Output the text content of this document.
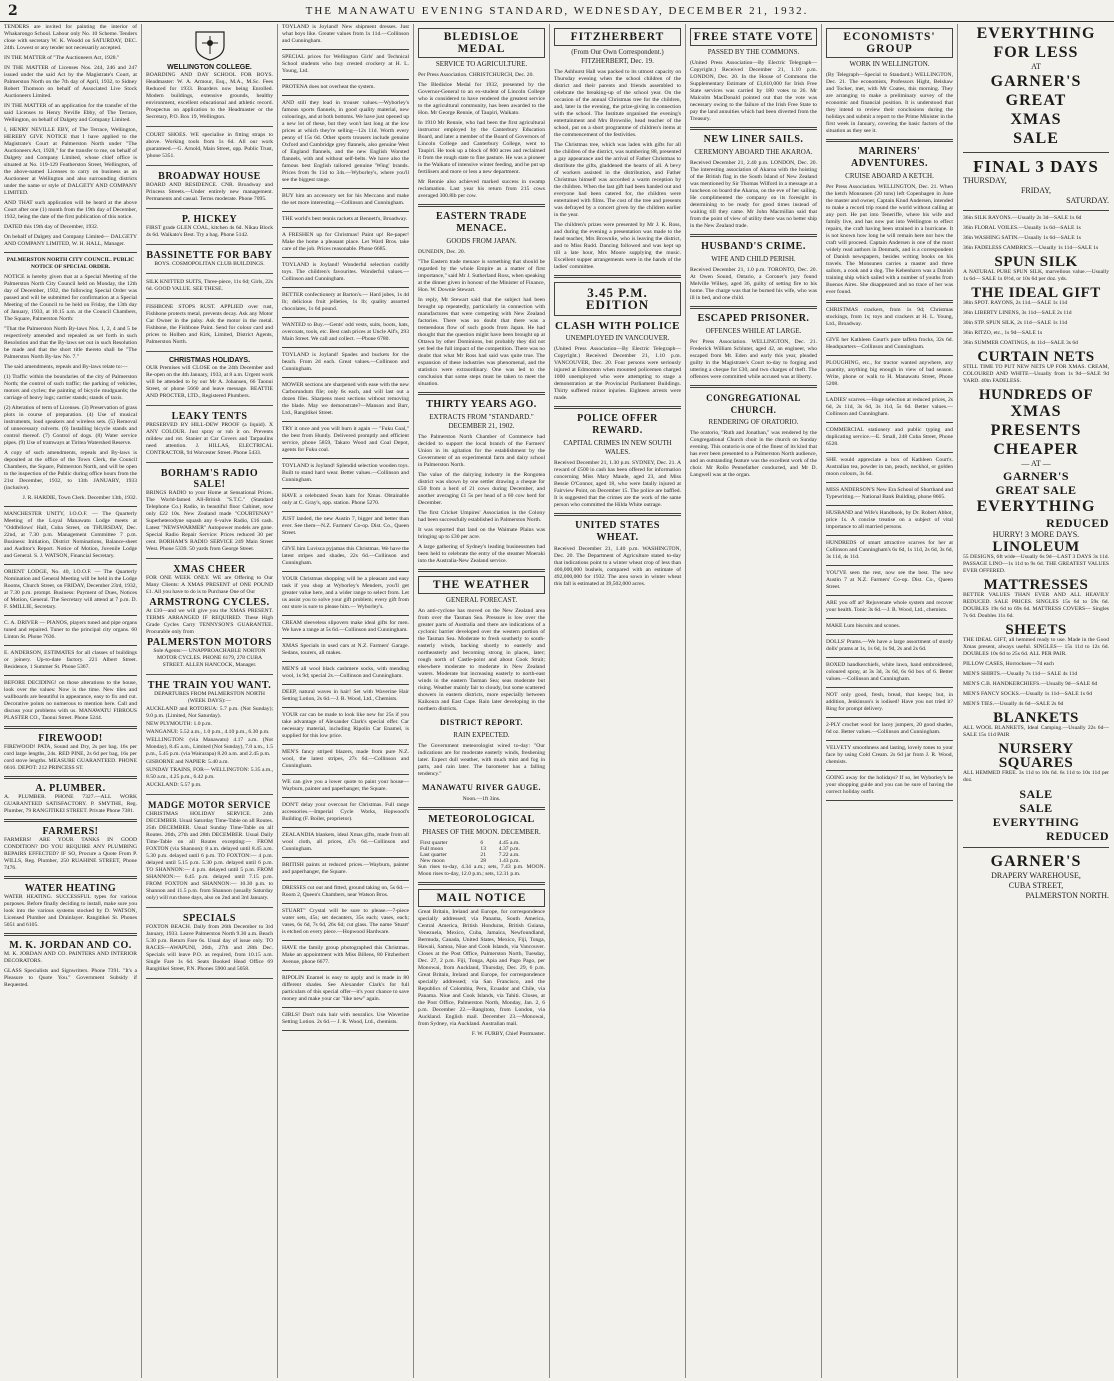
2	THE MANAWATU EVENING STANDARD, WEDNESDAY, DECEMBER 21, 1932.

TENDERS are invited for painting the interior of Whakarongo School. Labour only No. 10 Scheme. Tenders close with secretary W. K. Woodd on SATURDAY, DEC. 24th. Lowest or any tender not necessarily accepted.

IN THE MATTER of "The Auctioneers Act, 1928."

IN THE MATTER of Licenses Nos. 244, 246 and 247 issued under the said Act by the Magistrate's Court, at Palmerston North on the 7th day of April, 1932, to Sidney Robert Thomson on behalf of Associated Live Stock Auctioneers Limited.

IN THE MATTER of an application for the transfer of the said Licenses to Henry Neville Ebby, of The Terrace, Wellington, on behalf of Dalgety and Company Limited.

I, HENRY NEVILLE EBY, of The Terrace, Wellington, HEREBY GIVE NOTICE that I have applied to the Magistrate's Court at Palmerston North under "The Auctioneers Act, 1928," for the transfer to me, on behalf of Dalgety and Company Limited, whose chief office is situated at No. 119-129 Featherston Street, Wellington, of the above-named Licenses to carry on business as an Auctioneer at Wellington and also surrounding districts under the name or style of DALGETY AND COMPANY LIMITED.

AND THAT such application will be heard at the above Court after one (1) month from the 19th day of December, 1932, being the date of the first publication of this notice.

DATED this 19th day of December, 1932.

On behalf of Dalgety and Company Limited— DALGETY AND COMPANY LIMITED, W. H. HALL, Manager.

PALMERSTON NORTH CITY COUNCIL. PUBLIC NOTICE OF SPECIAL ORDER.

NOTICE is hereby given that at a Special Meeting of the Palmerston North City Council held on Monday, the 12th day of December, 1932, the following Special Order was passed and will be submitted for confirmation at a Special Meeting of the Council to be held on Friday, the 13th day of January, 1933, at 10.15 a.m. at the Council Chambers, The Square, Palmerston North:

"That the Palmerston North By-laws Nos. 1, 2, 4 and 5 be respectively amended and repealed as set forth in such Resolution and that the By-laws set out in such Resolution be made and that the short title thereto shall be "The Palmerston North By-law No. 7."

The said amendments, repeals and By-laws relate to:—

(1) Traffic within the boundaries of the city of Palmerston North; the control of such traffic; the parking of vehicles, motors and cycles; the painting of bicycle mudguards; the carriage of heavy logs; carrier stands; stands of taxis.

(2) Alteration of term of Licenses. (3) Preservation of grass plots in course of preparation. (4) Use of musical instruments, loud speakers and wireless sets. (5) Removal of unnecessary culverts. (6) Installing bicycle stands and control thereof. (7) Control of dogs. (8) Water service pipes. (9) Use of tramways at Tiritea Watershed Reserve.

A copy of such amendments, repeals and By-laws is deposited at the office of the Town Clerk, the Council Chambers, the Square, Palmerston North, and will be open to the inspection of the Public during office hours from the 21st December, 1932, to 13th JANUARY, 1933 (inclusive).

J. R. HARDIE, Town Clerk. December 13th, 1932.

MANCHESTER UNITY, I.O.O.F. — The Quarterly Meeting of the Loyal Manawatu Lodge meets at "Oddfellows' Hall, Cuba Street, on THURSDAY, Dec. 22nd, at 7.30 p.m. Management Committee 7 p.m. Business: Initiation, District Nominations, Balance-sheet and Auditor's Report. Notice of Motion, Juvenile Lodge and General. S. J. WATSON, Financial Secretary.

ORIENT LODGE, No. 40, I.O.O.F. — The Quarterly Nomination and General Meeting will be held in the Lodge Rooms, Church Street, on FRIDAY, December 23rd, 1932, at 7.30 p.m. prompt. Business: Payment of Dues, Notices of Motion, General. The Secretary will attend at 7 p.m. D. F. SMILLIE, Secretary.

C. A. DRIVER — PIANOS, players tuned and pipe organs tuned and repaired. Tuner to the principal city organs. 60 Linton St. Phone 7636.

E. ANDERSON, ESTIMATES for all classes of buildings or joinery. Up-to-date factory. 221 Albert Street. Residence, 1 Summer St. Phone 5367.

BEFORE DECIDING! on those alterations to the house, look over the values: Now is the time. New tiles and wallboards are beautiful in appearance, easy to fix and cut. Decorative points no numerous to mention here. Call and discuss your problems with us. MANAWATU FIBROUS PLASTER CO., Taonui Street. Phone 5244.

FIREWOOD!

FIREWOOD! PATA, Sound and Dry, 2s per bag. 16s per cord large lengths, 24s. RED PINE, 2s 6d per bag, 16s per cord stove lengths. MEASURE GUARANTEED. PHONE 6616. DEPOT: 212 PRINCESS ST.

A. PLUMBER.

A. PLUMBER. PHONE 7327.—ALL WORK GUARANTEED SATISFACTORY. P. SMYTHE, Reg. Plumber, 79 RANGITIKEI STREET. Private Phone 7381.

FARMERS!

FARMERS! ARE YOUR TANKS IN GOOD CONDITION? DO YOU REQUIRE ANY PLUMBING REPAIRS EFFECTED? IF SO, Procure a Quote From P. WILLS, Reg. Plumber, 250 RUAHINE STREET, Phone 7476.

WATER HEATING

WATER HEATING. SUCCESSFUL types for various purposes. Before finally deciding to install, make sure you look into the various systems stocked by D. WATSON, Licensed Plumber and Drainlayer. Rangitikei St. Phones 5051 and 6105.

M. K. JORDAN AND CO.

M. K. JORDAN AND CO. PAINTERS AND INTERIOR DECORATORS.

GLASS Specialists and Signwriters. Phone 7391. "It's a Pleasure to Quote You." Government Subsidy if Requested.

WELLINGTON COLLEGE.

BOARDING AND DAY SCHOOL FOR BOYS. Headmaster: W. A. Armour, Esq., M.A., M.Sc. Fees Reduced for 1933. Boarders now being Enrolled. Modern buildings, extensive grounds, healthy environment, excellent educational and athletic record. Prospectus on application to the Headmaster or the Secretary, P.O. Box 19, Wellington.

COURT SHOES. WE specialise in fitting straps to above. Working tools from 1s 6d. All our work guaranteed.—G. Arnold, Main Street, opp. Public Trust, 'phone 5351.

BROADWAY HOUSE

BOARD AND RESIDENCE. CNR. Broadway and Princess Streets.—Under entirely new management. Permanents and casual. Terms moderate. Phone 7095.

P. HICKEY

FIRST grade GLEN COAL, kitchen 4s 6d. Nikau Block 4s 6d. Waikato's Best. Try a bag. Phone 5142.

BASSINETTE FOR BABY

BOYS. COSMOPOLITAN CLUB BUILDINGS.

SILK KNITTED SUITS, Three-piece, 11s 6d; Girls, 22s 6d. GOOD VALUE. SEE THESE.

FISHBONE STOPS RUST. APPLIED over rust, Fishbone protects metal, prevents decay. Ask any Motor Car Owner in the palsy. Ask the motor in the metal. Fishbone, the Fishbone Paint. Send for colour card and prices to Holben and Kirk, Limited, District Agents, Palmerston North.

CHRISTMAS HOLIDAYS.

OUR Premises will CLOSE on the 24th December and Re-open on the 4th January, 1933, at 8 a.m. Urgent work will be attended to by our Mr A. Johansen, 66 Taonui Street, or phone 5660 and leave message. BEATTIE AND PROCTER, LTD., Registered Plumbers.

LEAKY TENTS

PRESERVED BY HILL-DEW PROOF (a liquid). X ANY COLOUR. Just spray or rub it on. Prevents mildew and rot. Stanier at Car Covers and Tarpaulins need attention. J. HILLAS, ELECTRICAL CONTRACTOR, 94 Worcester Street. Phone 5433.

BORHAM'S RADIO SALE!

BRINGS RADIO to your Home at Sensational Prices. The World-famed All-British "S.T.C." (Standard Telephone Co.) Radio, in beautiful floor Cabinet, now only £22 10s. New Zealand made "COURTENAY" Superheterodyne squash any 6-valve Radio, £16 cash. Latest "NEWSWARMER" Autopower models are gone. Special Radio Repair Service: Prices reduced 30 per cent. BORHAM'S RADIO SERVICE 249 Main Street West. Phone 5339. 50 yards from George Street.

XMAS CHEER

FOR ONE WEEK ONLY. WE are Offering to Our Many Clients: A XMAS PRESENT of ONE POUND £1. All you have to do is to Purchase One of Our

ARMSTRONG CYCLES.

At £10—and we will give you the XMAS PRESENT. TERMS ARRANGED IF REQUIRED. These High Grade Cycles Carry TENNYSON'S GUARANTEE. Procurable only from

PALMERSTON MOTORS

Sole Agents:— UNAPPROACHABLE NORTON MOTOR CYCLES. PHONE 6179, 278 CUBA STREET. ALLEN HANCOCK, Manager.

THE TRAIN YOU WANT.

DEPARTURES FROM PALMERSTON NORTH (WEEK DAYS):—

AUCKLAND and ROTORUA: 5.7 p.m. (Not Sunday); 9.0 p.m. (Limited, Not Saturday).

NEW PLYMOUTH: 1.0 p.m.

WANGANUI: 5.52 a.m., 1.0 p.m., 4.10 p.m., 6.30 p.m.

WELLINGTON: (via Manawatu) 4.17 a.m. (Not Monday), 8.45 a.m., Limited (Not Sunday), 7.0 a.m., 1.5 p.m., 5.45 p.m. (via Wairarapa) 8.20 a.m. and 2.45 p.m.

GISBORNE and NAPIER: 5.40 a.m.

SUNDAY TRAINS, FOR— WELLINGTON: 5.35 a.m., 8.50 a.m., 4.25 p.m., 6.42 p.m.

AUCKLAND: 5.57 p.m.

MADGE MOTOR SERVICE

CHRISTMAS HOLIDAY SERVICE. 24th DECEMBER. Usual Saturday Time-Table on all Routes. 25th DECEMBER. Usual Sunday Time-Table on all Routes. 26th, 27th and 28th DECEMBER. Usual Daily Time-Table on all Routes excepting:— FROM FOXTON (via Shannon): 8 a.m. delayed until 8.45 a.m. 5.30 p.m. delayed until 6 p.m. TO FOXTON:— 4 p.m. delayed until 5.15 p.m. 5.30 p.m. delayed until 6 p.m. TO SHANNON:— 4 p.m. delayed until 5 p.m. FROM SHANNON:— 6.45 p.m. delayed until 7.15 p.m. FROM FOXTON and SHANNON:— 10.30 p.m. to Shannon and 11.5 p.m. from Shannon (usually Saturday only) will run those days, also on 2nd and 3rd January.

SPECIALS

FOXTON BEACH. Daily from 26th December to 3rd January, 1933. Leave Palmerston North 9.30 a.m. Beach 5.30 p.m. Return Fare 6s. Usual day of issue only. TO RACES—AWAPUNI, 26th, 27th and 28th Dec. Specials will leave P.O. as required, from 10.15 a.m. Single Fare 1s 6d. Seats Booked Head Office 69 Rangitikei Street, P.N. Phones 5900 and 5058.

TOYLAND is Joyland! New shipment dresses. Just what boys like. Greater values from 1s 11d.—Collinson and Cunningham.

SPECIAL prices for Wellington Girls' and Technical School students who buy crested crockery at H. L. Young, Ltd.

PROTENA does not overheat the system.

AND still they lead in trouser values.—Wyborley's famous sports flannels, in good quality material, new colourings, and at both bottoms. We have just opened up a new lot of these, but they won't last long at the low prices at which they're selling—12s 11d. Worth every penny of 15s 6d. Other sports trousers include genuine Oxford and Cambridge grey flannels, also genuine West of England flannels, and the new English Worsted flannels, with and without self-belts. We have also the famous best English tailored genuine 'Wing' brands. Prices from 9s 11d to 34s.—Wyborley's, where you'll see the biggest range.

BUY him an accessory set for his Meccano and make the set more interesting.—Collinson and Cunningham.

THE world's best tennis rackets at Bennett's, Broadway.

A FRESHEN up for Christmas! Paint up! Re-paper! Make the home a pleasant place. Let Ward Bros. take care of the job. Prices reasonable. Phone 6685.

TOYLAND is Joyland! Wonderful selection cuddly toys. The children's favourites. Wonderful values.—Collinson and Cunningham.

BETTER confectionery at Barton's.— Hard jubes, 1s 4d lb; delicious fruit jelleties, 1s lb; quality assorted chocolates, 1s 6d pound.

WANTED to Buy.—Gents' odd vests, suits, boots, hats, overcoats, tools, etc. Best cash prices at Uncle Alf's, 293 Main Street. We call and collect. —Phone 6780.

TOYLAND is Joyland! Spades and buckets for the beach. From 2d each. Great values.—Collinson and Cunningham.

MOWER sections are sharpened with ease with the new Carborundum file; only 6s each, and will last out a dozen files. Sharpens most sections without removing the blade. May we demonstrate?—Manson and Barr, Ltd., Rangitikei Street.

TRY it once and you will burn it again — "Fuku Coal," the best from Huntly. Delivered promptly and efficient service, phone 5859, Takaro Wood and Coal Depot, agents for Fuku coal.

TOYLAND is Joyland! Splendid selection wooden toys. Built to stand hard wear. Better values.—Collinson and Cunningham.

HAVE a celebrated Swan ham for Xmas. Obtainable only at C. Gray's, opp. station. Phone 5270.

JUST landed, the new Austin 7, bigger and better than ever. See them—N.Z. Farmers' Co-op. Dist. Co., Queen Street.

GIVE him Luvisca pyjamas this Christmas. We have the latest stripes and shades, 22s 6d.—Collinson and Cunningham.

YOUR Christmas shopping will be a pleasant and easy task if you shop at Wyborley's Menders, you'll get greater value here, and a wider range to select from. Let us assist you to solve your gift problem; every gift from our store is sure to please him.— Wyborley's.

CREAM sleeveless slipovers make ideal gifts for men. We have a range at 5s 6d.—Collinson and Cunningham.

XMAS Specials in used cars at N.Z. Farmers' Garage. Sedans, tourers, all makes.

MEN'S all wool black cashmere socks, with mending wool, 1s 9d; special 2s.—Collinson and Cunningham.

DEEP, natural waves in hair! Set with Waverine Hair Setting Lotion, 2s 6d.—J. R. Wood, Ltd., Chemists.

YOUR car can be made to look like new for 25s if you take advantage of Alexander Clark's special offer. Car necessary material, including Ripolin Car Enamel, is supplied for this low price.

MEN'S fancy striped blazers, made from pure N.Z. wool, the latest stripes, 27s 6d.—Collinson and Cunningham.

WE can give you a lower quote to paint your house—Wayburn, painter and paperhanger, the Square.

DON'T delay your overcoat for Christmas. Full range accessories.—Imperial Cycle Works, Hopwood's Building (F. Boiler, proprietor).

ZEALANDIA blankets, ideal Xmas gifts, made from all wool cloth, all prices, 47s 6d.—Collinson and Cunningham.

BRITISH paints at reduced prices.—Wayburn, painter and paperhanger, the Square.

DRESSES cut out and fitted, ground taking on, 5s 6d.—Room 2, Queen's Chambers, near Watson Bros.

STUART" Crystal will be sure to please.—7-piece water sets, 45s; set decanters, 35s each; vases, each; vases, 6s 6d, 7s 6d, 26s 6d; cut glass. The name 'Stuart' is etched on every piece.—Hopwood Hardware.

HAVE the family group photographed this Christmas. Make an appointment with Miss Billens, 80 Fitzherbert Avenue, phone 6677.

RIPOLIN Enamel is easy to apply and is made in 80 different shades. See Alexander Clark's for full particulars of this special offer—it's your chance to save money and make your car "like new" again.

GIRLS! Don't ruin hair with neuralics. Use Waverine Setting Lotion. 2s 6d.— J. R. Wood, Ltd., chemists.

BLEDISLOE MEDAL
SERVICE TO AGRICULTURE.

Per Press Association. CHRISTCHURCH, Dec. 20.

The Bledisloe Medal for 1932, presented by the Governor-General to an ex-student of Lincoln College who is considered to have rendered the greatest service to the agricultural community, has been awarded to the Hon. Mr George Rennie, of Taupiri, Waikato.

In 1910 Mr Rennie, who had been the first agricultural instructor employed by the Canterbury Education Board, and later a member of the Board of Governors of Lincoln College and Canterbury College, went to Taupiri. He took up a block of 800 acres and reclaimed it from the rough state to fine pasture. He was a pioneer in the Waikato of intensive winter feeding, and he put up fertilisers and more or less a new department.

Mr Rennie also achieved marked success in swamp reclamation. Last year his return from 215 cows averaged 300.8lb per cow.

EASTERN TRADE MENACE.
GOODS FROM JAPAN.

DUNEDIN, Dec. 20.

"The Eastern trade menace is something that should be regarded by the whole Empire as a matter of first importance," said Mr J. Sutherland Ross, when speaking at the dinner given in honour of the Minister of Finance, Hon. W. Downie Stewart.

In reply, Mr Stewart said that the subject had been brought up repeatedly, particularly in connection with manufactures that were competing with New Zealand factories. There was no doubt that there was a tremendous flow of such goods from Japan. He had thought that the question might have been brought up at Ottawa by other Dominions, but probably they did not yet feel the full impact of the competition. There was no doubt that what Mr Ross had said was quite true. The expansion of these industries was phenomenal, and the statistics were extraordinary. One was led to the conclusion that some steps must be taken to meet the situation.

THIRTY YEARS AGO.
EXTRACTS FROM "STANDARD." DECEMBER 21, 1902.

The Palmerston North Chamber of Commerce had decided to support the local branch of the Farmers' Union in its agitation for the establishment by the Government of an experimental farm and dairy school in Palmerston North.

The value of the dairying industry in the Rongotea district was shown by one settler drawing a cheque for £50 from a herd of 21 cows during December, and another averaging £1 5s per head of a 60 cow herd for December.

The first Cricket Umpires' Association in the Colony had been successfully established in Palmerston North.

It was reported that land on the Waimate Plains was bringing up to £30 per acre.

A large gathering of Sydney's leading businessmen had been held to celebrate the entry of the steamer Moeraki into the Australia-New Zealand service.

THE WEATHER
GENERAL FORECAST.

An anti-cyclone has moved on the New Zealand area from over the Tasman Sea. Pressure is low over the greater parts of Australia and there are indications of a cyclonic barrier developed over the western portion of the Tasman Sea. Moderate to fresh southerly to south-easterly winds, backing shortly to easterly and northeasterly and becoming strong in places, later; rough north of Castle-point and about Cook Strait; elsewhere moderate to moderate in New Zealand waters. Moderate but increasing easterly to north-east winds in the eastern Tasman Sea; seas moderate but rising. Weather mainly fair to cloudy, but some scattered showers in eastern districts, more especially between Kaikoura and East Cape. Rain later developing in the northern districts.

DISTRICT REPORT.
RAIN EXPECTED.

The Government meteorologist wired to-day: "Our indications are for moderate easterly winds, freshening later. Expect dull weather, with much mist and fog in parts, and rain later. The barometer has a falling tendency."

MANAWATU RIVER GAUGE.

Noon.—1ft 3ins.

METEOROLOGICAL
PHASES OF THE MOON. DECEMBER.
First quarter	6	4.45 a.m.
Full moon	13	4.37 p.m.
Last quarter	21	7.22 a.m.
New moon	28	1.43 p.m.

Sun rises to-day, 4.34 a.m.; sets, 7.43 p.m. MOON. Moon rises to-day, 12.0 p.m.; sets, 12.31 p.m.

MAIL NOTICE

Great Britain, Ireland and Europe, for correspondence specially addressed; via Panama, South America, Central America, British Honduras, British Guiana, Venezuela, Mexico, Cuba, Jamaica, Newfoundland, Bermuda, Canada, United States, Mexico, Fiji, Tonga, Hawaii, Samoa, Niue and Cook Islands, via Vancouver. Closes at the Post Office, Palmerston North, Tuesday, Dec. 27, 2 p.m. Fiji, Tonga, Apia and Pago Pago, per Monowai, from Auckland, Thursday, Dec. 29, 6 p.m. Great Britain, Ireland and Europe, for correspondence specially addressed; via San Francisco, and the Republics of Colombia, Peru, Ecuador and Chile, via Panama. Niue and Cook Islands, via Tahiti. Closes, at the Post Office, Palmerston North, Monday, Jan. 2, 6 p.m. December 22.—Rangitoto, from London, via Auckland. English mail. December 23.—Monowai, from Sydney, via Auckland. Australian mail.

F. W. FURBY, Chief Postmaster.

FITZHERBERT
(From Our Own Correspondent.) FITZHERBERT, Dec. 19.

The Ashhurst Hall was packed to its utmost capacity on Thursday evening when the school children of the district and their parents and friends assembled to celebrate the breaking-up of the school year. On the occasion of the annual Christmas tree for the children, and, later in the evening, the prize-giving in connection with the school. The Institute organised the evening's entertainment and Mrs Brownlie, head teacher of the school, put on a short programme of children's items at the commencement of the festivities.

The Christmas tree, which was laden with gifts for all the children of the district, was numbering 88, presented a gay appearance and the arrival of Father Christmas to distribute the gifts, gladdened the hearts of all. A bevy of workers assisted in the distribution, and Father Christmas himself was accorded a warm reception by the children. When the last gift had been handed out and everyone had been catered for, the children were entertained with films. The cost of the tree and presents was defrayed by a concert given by the children earlier in the year.

The children's prizes were presented by Mr J. K. Ross, and during the evening a presentation was made to the head teacher, Mrs Brownlie, who is leaving the district, and to Miss Rudd. Dancing followed and was kept up till a late hour, Mrs Moore supplying the music. Excellent supper arrangements were in the hands of the ladies' committee.

3.45 P.M. EDITION
CLASH WITH POLICE
UNEMPLOYED IN VANCOUVER.

(United Press Association—By Electric Telegraph—Copyright.) Received December 21, 1.10 p.m. VANCOUVER, Dec. 20. Four persons were seriously injured at Edmonton when mounted policemen charged 1000 unemployed who were attempting to stage a demonstration at the Provincial Parliament Buildings. Thirty suffered minor injuries. Eighteen arrests were made.

POLICE OFFER REWARD.
CAPITAL CRIMES IN NEW SOUTH WALES.

Received December 21, 1.30 p.m. SYDNEY, Dec. 21. A reward of £500 in cash has been offered for information concerning Miss Mary Maude, aged 23, and Miss Bessie O'Connor, aged 18, who were fatally injured at Fairview Point, on December 15. The police are baffled. It is suggested that the crimes are the work of the same person who committed the Hilda White outrage.

UNITED STATES WHEAT.

Received December 21, 1.40 p.m. WASHINGTON, Dec. 20. The Department of Agriculture stated to-day that indications point to a winter wheat crop of less than 400,000,000 bushels, compared with an estimate of 492,000,000 for 1932. The area sown in winter wheat this fall is estimated at 39,502,000 acres.

FREE STATE VOTE
PASSED BY THE COMMONS.

(United Press Association—By Electric Telegraph—Copyright.) Received December 21, 1.10 p.m. LONDON, Dec. 20. In the House of Commons the Supplementary Estimate of £3,610,000 for Irish Free State services was carried by 180 votes to 26. Mr Malcolm MacDonald pointed out that the vote was necessary owing to the failure of the Irish Free State to pay the land annuities which had been diverted from the Treasury.

NEW LINER SAILS.
CEREMONY ABOARD THE AKAROA.

Received December 21, 2.40 p.m. LONDON, Dec. 20. The interesting association of Akaroa with the hoisting of the British flag in the South Island of New Zealand was mentioned by Sir Thomas Wilford in a message at a luncheon on board the Akaroa, on the eve of her sailing. He complimented the company on its foresight in determining to be ready for good times instead of waiting till they came. Mr John Macmillan said that from the point of view of utility there was no better ship in the New Zealand trade.

HUSBAND'S CRIME.
WIFE AND CHILD PERISH.

Received December 21, 1.0 p.m. TORONTO, Dec. 20. At Owen Sound, Ontario, a Coroner's jury found Melville Wilkey, aged 36, guilty of setting fire to his home. The charge was that he burned his wife, who was ill in bed, and one child.

ESCAPED PRISONER.
OFFENCES WHILE AT LARGE.

Per Press Association. WELLINGTON, Dec. 21. Frederick William Schluter, aged 42, an engineer, who escaped from Mt. Eden and early this year, pleaded guilty in the Magistrate's Court to-day to forging and uttering a cheque for £30, and two charges of theft. The offences were committed while accused was at liberty.

CONGREGATIONAL CHURCH.
RENDERING OF ORATORIO.

The oratorio, "Ruth and Jonathan," was rendered by the Congregational Church choir in the church on Sunday evening. This oratorio is one of the finest of its kind that has ever been presented to a Palmerston North audience, and an outstanding feature was the excellent work of the choir. Mr Rollo Pennefather conducted, and Mr D. Langwell was at the organ.

ECONOMISTS' GROUP
WORK IN WELLINGTON.

(By Telegraph—Special to Standard.) WELLINGTON, Dec. 21. The economists, Professors Hight, Belshaw and Tocker, met, with Mr Coates, this morning. They are arranging to make a preliminary survey of the economic and financial position. It is understood that they intend to review their conclusions during the holidays and submit a report to the Prime Minister in the first week in January, covering the basic factors of the situation as they see it.

MARINERS' ADVENTURES.
CRUISE ABOARD A KETCH.

Per Press Association. WELLINGTON, Dec. 21. When the ketch Monsunen (20 tons) left Copenhagen in June the master and owner, Captain Knud Andersen, intended to make a record trip round the world without calling at any port. He put into Teneriffe, where his wife and family live, and has now put into Wellington to effect repairs, the craft having been strained in a hurricane. It is not known how long he will remain here nor how the craft will proceed. Captain Andersen is one of the most widely read authors in Denmark, and is a correspondent of Danish newspapers, besides writing books on his travels. The Monsunen carries a master and three sailors, a cook and a dog. The Kebenhavn was a Danish training ship which sailed with a number of youths from Buenos Aires. She disappeared and no trace of her was ever found.

CHRISTMAS crackers, from 1s 9d; Christmas stockings, from 1s; toys and crackers at H. L. Young, Ltd., Broadway.

GIVE her Kathleen Court's pure taffeta frocks, 32s 6d. Headquarters—Collinson and Cunningham.

PLOUGHING, etc., for tractor wanted anywhere, any quantity, anything big enough in view of bad season. Write, phone or walk to H. Manawatu Street, Phone 5208.

LADIES' scarves.—Huge selection at reduced prices, 2s 6d, 2s 11d, 3s 6d, 3s 11d, 5s 6d. Better values.—Collinson and Cunningham.

COMMERCIAL stationery and public typing and duplicating service.—E. Small, 248 Cuba Street, Phone 6528.

SHE would appreciate a box of Kathleen Court's. Australian tea, powder in tan, peach, neckhol, or golden moon colours, 3s 6d.

MISS ANDERSON'S New Era School of Shorthand and Typewriting.— National Bank Building, phone 8665.

HUSBAND and Wife's Handbook, by Dr. Robert Abbot, price 1s. A concise treatise on a subject of vital importance to all married persons.

HUNDREDS of smart attractive scarves for her at Collinson and Cunningham's 6s 6d, 1s 11d, 2s 6d, 3s 6d, 3s 11d, 4s 11d.

YOU'VE seen the rest, now see the best. The new Austin 7 at N.Z. Farmers' Co-op. Dist. Co., Queen Street.

ARE you off at? Rejuvenate whole system and recover your health. Tonic 3s 6d.—J. R. Wood, Ltd., chemists.

MAKE Lum biscuits and scones.

DOLLS' Prams.—We have a large assortment of sturdy dolls' prams at 1s, 1s 6d, 1s 9d, 2s and 2s 6d.

BOXED handkerchiefs, white lawn, hand embroidered, coloured spray, at 3s 3d, 3s 6d, 6s 6d box of 6. Better values.—Collinson and Cunningham.

NOT only good, fresh, bread, that keeps; but, in addition, Jenkinson's is iodised! Have you not tried it? Ring for prompt delivery.

2-PLY crochet wool for lacey jumpers, 20 good shades, 6d oz. Better values.—Collinson and Cunningham.

VELVETY smoothness and lasting, lovely tones to your face by using Cold Cream. 2s 6d jar from J. R. Wood, chemists.

GOING away for the holidays? If so, let Wyborley's be your shopping guide and you can be sure of having the correct holiday outfit.

EVERYTHING
FOR LESS
AT
GARNER'S
GREAT
XMAS
SALE
FINAL 3 DAYS
THURSDAY,
FRIDAY,
SATURDAY.

36in SILK RAYONS.—Usually 2s 3d—SALE 1s 6d

36in FLORAL VOILES.—Usually 1s 6d—SALE 1s

36in WASHING SATIN.—Usually 1s 6d—SALE 1s

36in FADELESS CAMBRICS.—Usually 1s 11d—SALE 1s

SPUN SILK

A NATURAL PURE SPUN SILK, marvellous value.—Usually 1s 6d— SALE 1s 0½d, or 10s 6d per doz. yds.

THE IDEAL GIFT

38in SPOT. RAYONS, 2s 11d.—SALE 1s 11d

36in LIBERTY LINENS, 3s 11d—SALE 2s 11d

30in STP. SPUN SILK, 2s 11d—SALE 1s 11d

36in RITZO, etc., 1s 9d—SALE 1s

36in SUMMER COATINGS, 4s 11d—SALE 3s 6d

CURTAIN NETS

STILL TIME TO PUT NEW NETS UP FOR XMAS. CREAM, COLOURED AND WHITE—Usually from 1s 9d—SALE 9d YARD. 40in FADELESS.

HUNDREDS OF
XMAS
PRESENTS
CHEAPER
— AT —
GARNER'S
GREAT SALE
EVERYTHING
REDUCED
HURRY! 3 MORE DAYS.
LINOLEUM

55 DESIGNS, 6ft wide—Usually 6s 9d—LAST 3 DAYS 3s 11d. PASSAGE LINO—1s 11d to 9s 6d. THE GREATEST VALUES EVER OFFERED.

MATTRESSES

BETTER VALUES THAN EVER AND ALL HEAVILY REDUCED. SALE PRICES. SINGLES 15s 6d to 59s 6d. DOUBLES 19s 6d to 69s 6d. MATTRESS COVERS— Singles 7s 6d. Doubles 11s 6d.

SHEETS

THE IDEAL GIFT, all hemmed ready to use. Made in the Good Xmas present, always useful. SINGLES— 15s 11d to 12s 6d. DOUBLES 10s 6d to 25s 6d. ALL PER PAIR.

PILLOW CASES, Horrockses—7d each

MEN'S SHIRTS.—Usually 7s 11d— SALE 4s 11d

MEN'S C.B. HANDKERCHIEFS.—Usually 9d—SALE 6d

MEN'S FANCY SOCKS.—Usually 1s 11d—SALE 1s 6d

MEN'S TIES.—Usually 4s 6d—SALE 2s 6d

BLANKETS

ALL WOOL BLANKETS, Ideal Camping.—Usually 22s 6d— SALE 15s 11d PAIR

NURSERY
SQUARES

ALL HEMMED FREE. 3s 11d to 10s 6d. 6s 11d to 10s 11d per doz.

SALE
SALE
EVERYTHING
REDUCED
GARNER'S
DRAPERY WAREHOUSE,
CUBA STREET,
PALMERSTON NORTH.
